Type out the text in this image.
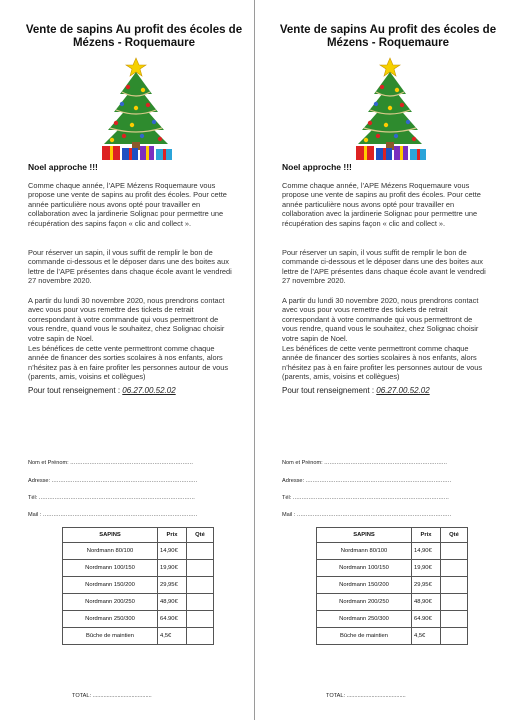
Vente de sapins Au profit des écoles de
Mézens - Roquemaure
Noel approche !!!

Comme chaque année, l’APE Mézens Roquemaure vous propose une vente de sapins au profit des écoles. Pour cette année particulière nous avons opté pour travailler en collaboration avec la jardinerie Solignac pour permettre une récupération des sapins façon « clic and collect ».

Pour réserver un sapin, il vous suffit de remplir le bon de commande ci-dessous et le déposer dans une des boites aux lettre de l’APE présentes dans chaque école avant le vendredi 27 novembre 2020.

A partir du lundi 30 novembre 2020, nous prendrons contact avec vous pour vous remettre des tickets de retrait correspondant à votre commande qui vous permettront de vous rendre, quand vous le souhaitez, chez Solignac choisir votre sapin de Noel.

Les bénéfices de cette vente permettront comme chaque année de financer des sorties scolaires à nos enfants, alors n’hésitez pas à en faire profiter les personnes autour de vous (parents, amis, voisins et collègues)

Pour tout renseignement : 06.27.00.52.02
Nom et Prénom: ......................................................................
Adresse: ...................................................................................
Tél: .........................................................................................
Mail : ........................................................................................
SAPINS	Prix	Qté
Nordmann 80/100	14,90€	
Nordmann 100/150	19,90€	
Nordmann 150/200	29,95€	
Nordmann 200/250	48,90€	
Nordmann 250/300	64.90€	
Bûche de maintien	4,5€	
TOTAL: ......................................
Vente de sapins Au profit des écoles de
Mézens - Roquemaure
Noel approche !!!

Comme chaque année, l’APE Mézens Roquemaure vous propose une vente de sapins au profit des écoles. Pour cette année particulière nous avons opté pour travailler en collaboration avec la jardinerie Solignac pour permettre une récupération des sapins façon « clic and collect ».

Pour réserver un sapin, il vous suffit de remplir le bon de commande ci-dessous et le déposer dans une des boites aux lettre de l’APE présentes dans chaque école avant le vendredi 27 novembre 2020.

A partir du lundi 30 novembre 2020, nous prendrons contact avec vous pour vous remettre des tickets de retrait correspondant à votre commande qui vous permettront de vous rendre, quand vous le souhaitez, chez Solignac choisir votre sapin de Noel.

Les bénéfices de cette vente permettront comme chaque année de financer des sorties scolaires à nos enfants, alors n’hésitez pas à en faire profiter les personnes autour de vous (parents, amis, voisins et collègues)

Pour tout renseignement : 06.27.00.52.02
Nom et Prénom: ......................................................................
Adresse: ...................................................................................
Tél: .........................................................................................
Mail : ........................................................................................
SAPINS	Prix	Qté
Nordmann 80/100	14,90€	
Nordmann 100/150	19,90€	
Nordmann 150/200	29,95€	
Nordmann 200/250	48,90€	
Nordmann 250/300	64.90€	
Bûche de maintien	4,5€	
TOTAL: ......................................
